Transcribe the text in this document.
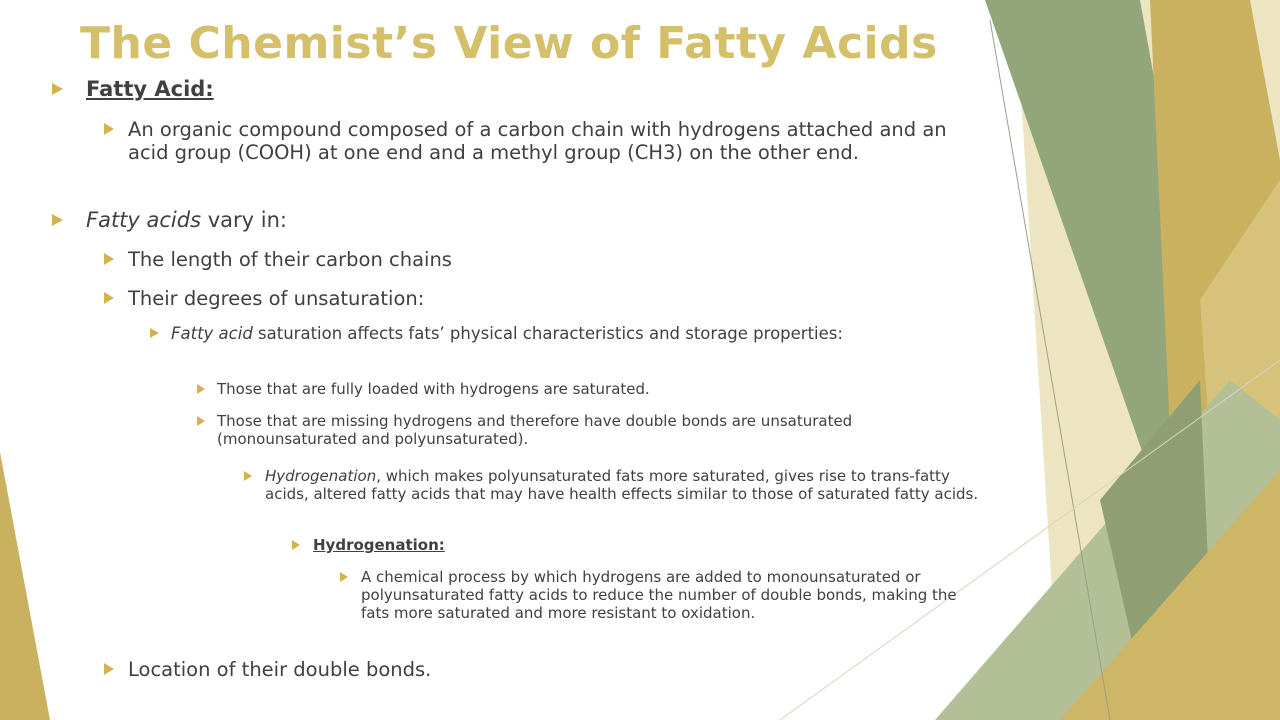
The Chemist’s View of Fatty Acids
Fatty Acid:
An organic compound composed of a carbon chain with hydrogens attached and an acid group (COOH) at one end and a methyl group (CH3) on the other end.
Fatty acids vary in:
The length of their carbon chains
Their degrees of unsaturation:
Fatty acid saturation affects fats’ physical characteristics and storage properties:
Those that are fully loaded with hydrogens are saturated.
Those that are missing hydrogens and therefore have double bonds are unsaturated (monounsaturated and polyunsaturated).
Hydrogenation, which makes polyunsaturated fats more saturated, gives rise to trans-fatty acids, altered fatty acids that may have health effects similar to those of saturated fatty acids.
Hydrogenation:
A chemical process by which hydrogens are added to monounsaturated or polyunsaturated fatty acids to reduce the number of double bonds, making the fats more saturated and more resistant to oxidation.
Location of their double bonds.
